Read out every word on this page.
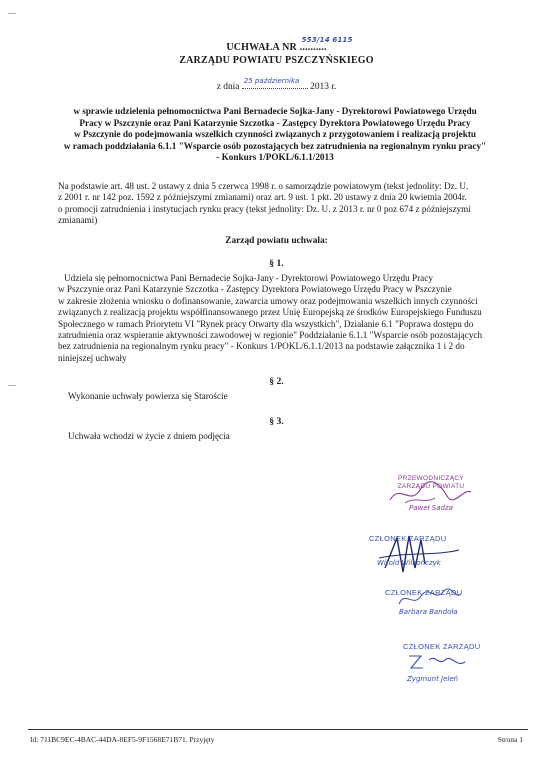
—
—
UCHWAŁA NR ..........
553/14 6115
ZARZĄDU POWIATU PSZCZYŃSKIEGO
z dnia
25 października
2013 r.
w sprawie udzielenia pełnomocnictwa Pani Bernadecie Sojka-Jany - Dyrektorowi Powiatowego Urzędu
Pracy w Pszczynie oraz Pani Katarzynie Szczotka - Zastępcy Dyrektora Powiatowego Urzędu Pracy
w Pszczynie do podejmowania wszelkich czynności związanych z przygotowaniem i realizacją projektu
w ramach poddziałania 6.1.1 "Wsparcie osób pozostających bez zatrudnienia na regionalnym rynku pracy"
- Konkurs 1/POKL/6.1.1/2013
Na podstawie art. 48 ust. 2 ustawy z dnia 5 czerwca 1998 r. o samorządzie powiatowym (tekst jednolity: Dz. U.
z 2001 r. nr 142 poz. 1592 z późniejszymi zmianami) oraz art. 9 ust. 1 pkt. 20 ustawy z dnia 20 kwietnia 2004r.
o promocji zatrudnienia i instytucjach rynku pracy (tekst jednolity: Dz. U. z 2013 r. nr 0 poz 674 z późniejszymi
zmianami)
Zarząd powiatu uchwala:
§ 1.
Udziela się pełnomocnictwa Pani Bernadecie Sojka-Jany - Dyrektorowi Powiatowego Urzędu Pracy
w Pszczynie oraz Pani Katarzynie Szczotka - Zastępcy Dyrektora Powiatowego Urzędu Pracy w Pszczynie
w zakresie złożenia wniosku o dofinansowanie, zawarcia umowy oraz podejmowania wszelkich innych czynności
związanych z realizacją projektu współfinansowanego przez Unię Europejską ze środków Europejskiego Funduszu
Społecznego w ramach Priorytetu VI "Rynek pracy Otwarty dla wszystkich", Działanie 6.1 "Poprawa dostępu do
zatrudnienia oraz wspieranie aktywności zawodowej w regionie" Poddziałanie 6.1.1 "Wsparcie osób pozostających
bez zatrudnienia na regionalnym rynku pracy" - Konkurs 1/POKL/6.1.1/2013 na podstawie załącznika 1 i 2 do
niniejszej uchwały
§ 2.
Wykonanie uchwały powierza się Staroście
§ 3.
Uchwała wchodzi w życie z dniem podjęcia
PRZEWODNICZĄCY ZARZĄDU POWIATU
Paweł Sadza
CZŁONEK ZARZĄDU
Witold Wilkończyk
CZŁONEK ZARZĄDU
Barbara Bandoła
CZŁONEK ZARZĄDU
Zygmunt Jeleń
Id: 711BC9EC-4BAC-44DA-8EF5-9F1568E71B71. Przyjęty	Strona 1
